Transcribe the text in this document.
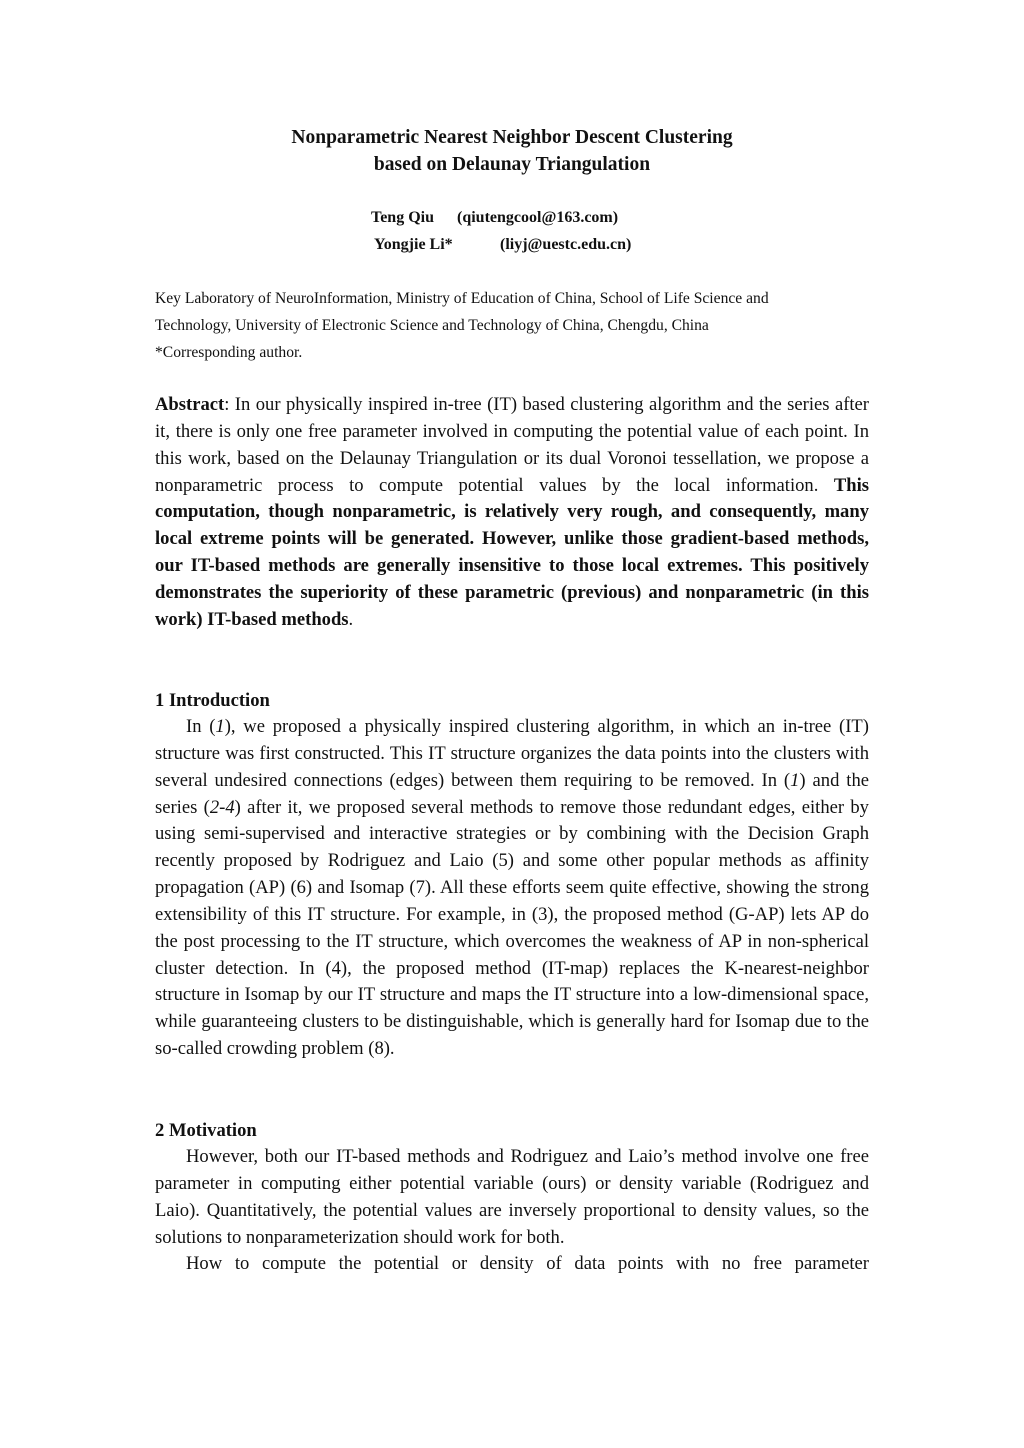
Nonparametric Nearest Neighbor Descent Clustering
based on Delaunay Triangulation
Teng Qiu (qiutengcool@163.com)
Yongjie Li*	(liyj@uestc.edu.cn)
Key Laboratory of NeuroInformation, Ministry of Education of China, School of Life Science and
Technology, University of Electronic Science and Technology of China, Chengdu, China
*Corresponding author.

Abstract: In our physically inspired in-tree (IT) based clustering algorithm and the series after it, there is only one free parameter involved in computing the potential value of each point. In this work, based on the Delaunay Triangulation or its dual Voronoi tessellation, we propose a nonparametric process to compute potential values by the local information. This computation, though nonparametric, is relatively very rough, and consequently, many local extreme points will be generated. However, unlike those gradient-based methods, our IT-based methods are generally insensitive to those local extremes. This positively demonstrates the superiority of these parametric (previous) and nonparametric (in this work) IT-based methods.

1 Introduction

In (1), we proposed a physically inspired clustering algorithm, in which an in-tree (IT) structure was first constructed. This IT structure organizes the data points into the clusters with several undesired connections (edges) between them requiring to be removed. In (1) and the series (2-4) after it, we proposed several methods to remove those redundant edges, either by using semi-supervised and interactive strategies or by combining with the Decision Graph recently proposed by Rodriguez and Laio (5) and some other popular methods as affinity propagation (AP) (6) and Isomap (7). All these efforts seem quite effective, showing the strong extensibility of this IT structure. For example, in (3), the proposed method (G-AP) lets AP do the post processing to the IT structure, which overcomes the weakness of AP in non-spherical cluster detection. In (4), the proposed method (IT-map) replaces the K-nearest-neighbor structure in Isomap by our IT structure and maps the IT structure into a low-dimensional space, while guaranteeing clusters to be distinguishable, which is generally hard for Isomap due to the so-called crowding problem (8).

2 Motivation

However, both our IT-based methods and Rodriguez and Laio’s method involve one free parameter in computing either potential variable (ours) or density variable (Rodriguez and Laio). Quantitatively, the potential values are inversely proportional to density values, so the solutions to nonparameterization should work for both.

How to compute the potential or density of data points with no free parameter
